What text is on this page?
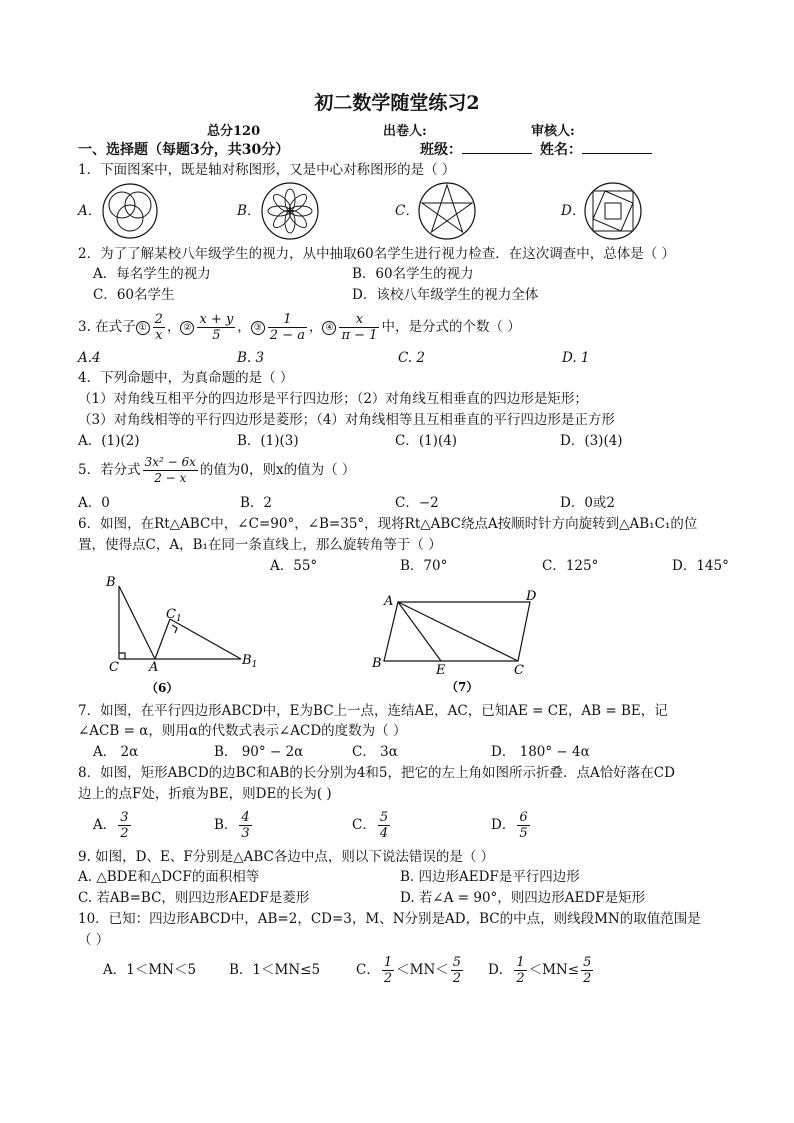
初二数学随堂练习2
总分120	出卷人:	审核人:
一、选择题（每题3分，共30分）	班级：	姓名：
1．下面图案中，既是轴对称图形，又是中心对称图形的是（ ）
A．	B．	C．	D．
2．为了了解某校八年级学生的视力，从中抽取60名学生进行视力检查．在这次调查中，总体是（ ）
A．每名学生的视力	B．60名学生的视力
C．60名学生	D．该校八年级学生的视力全体
3. 在式子 ① $\frac{2}{x}$ ， ② $\frac{x + y}{5}$ ， ③ $\frac{1}{2 - a}$ ， ④ $\frac{x}{\pi - 1}$ 中，是分式的个数（ ）
A.4	B. 3	C. 2	D. 1
4．下列命题中，为真命题的是（ ）
（1）对角线互相平分的四边形是平行四边形；（2）对角线互相垂直的四边形是矩形；
（3）对角线相等的平行四边形是菱形；（4）对角线相等且互相垂直的平行四边形是正方形
A．(1)(2)	B．(1)(3)	C．(1)(4)	D．(3)(4)
5．若分式 $\frac{\text{3x² − 6x}}{2 - x}$ 的值为0，则x的值为（ ）
A．0	B．2	C．−2	D．0或2
6．如图，在Rt△ABC中，∠C=90°，∠B=35°，现将Rt△ABC绕点A按顺时针方向旋转到△AB₁C₁的位
置，使得点C，A，B₁在同一条直线上，那么旋转角等于（ ）
A．55°	B．70°	C．125°	D．145°
B
C A
$C_1$
$B_1$
（6）
A	D
B	E	C
（7）
7．如图，在平行四边形ABCD中，E为BC上一点，连结AE，AC，已知AE = CE，AB = BE，记
∠ACB = α，则用α的代数式表示∠ACD的度数为（ ）
A． 2α	B． 90° − 2α	C． 3α	D． 180° − 4α
8．如图，矩形ABCD的边BC和AB的长分别为4和5，把它的左上角如图所示折叠．点A恰好落在CD
边上的点F处，折痕为BE，则DE的长为( )
A． $\frac{3}{2}$	B． $\frac{4}{3}$	C． $\frac{5}{4}$	D． $\frac{6}{5}$
9. 如图，D、E、F分别是△ABC各边中点，则以下说法错误的是（ ）
A. △BDE和△DCF的面积相等	B. 四边形AEDF是平行四边形
C. 若AB=BC，则四边形AEDF是菱形	D. 若∠A = 90°，则四边形AEDF是矩形
10．已知：四边形ABCD中，AB=2，CD=3，M、N分别是AD，BC的中点，则线段MN的取值范围是
（ ）
A．1＜MN＜5 B．1＜MN≤5	C． $\frac{1}{2} <MN< \frac{5}{2}$ D． $\frac{1}{2} <MN\le \frac{5}{2}$
